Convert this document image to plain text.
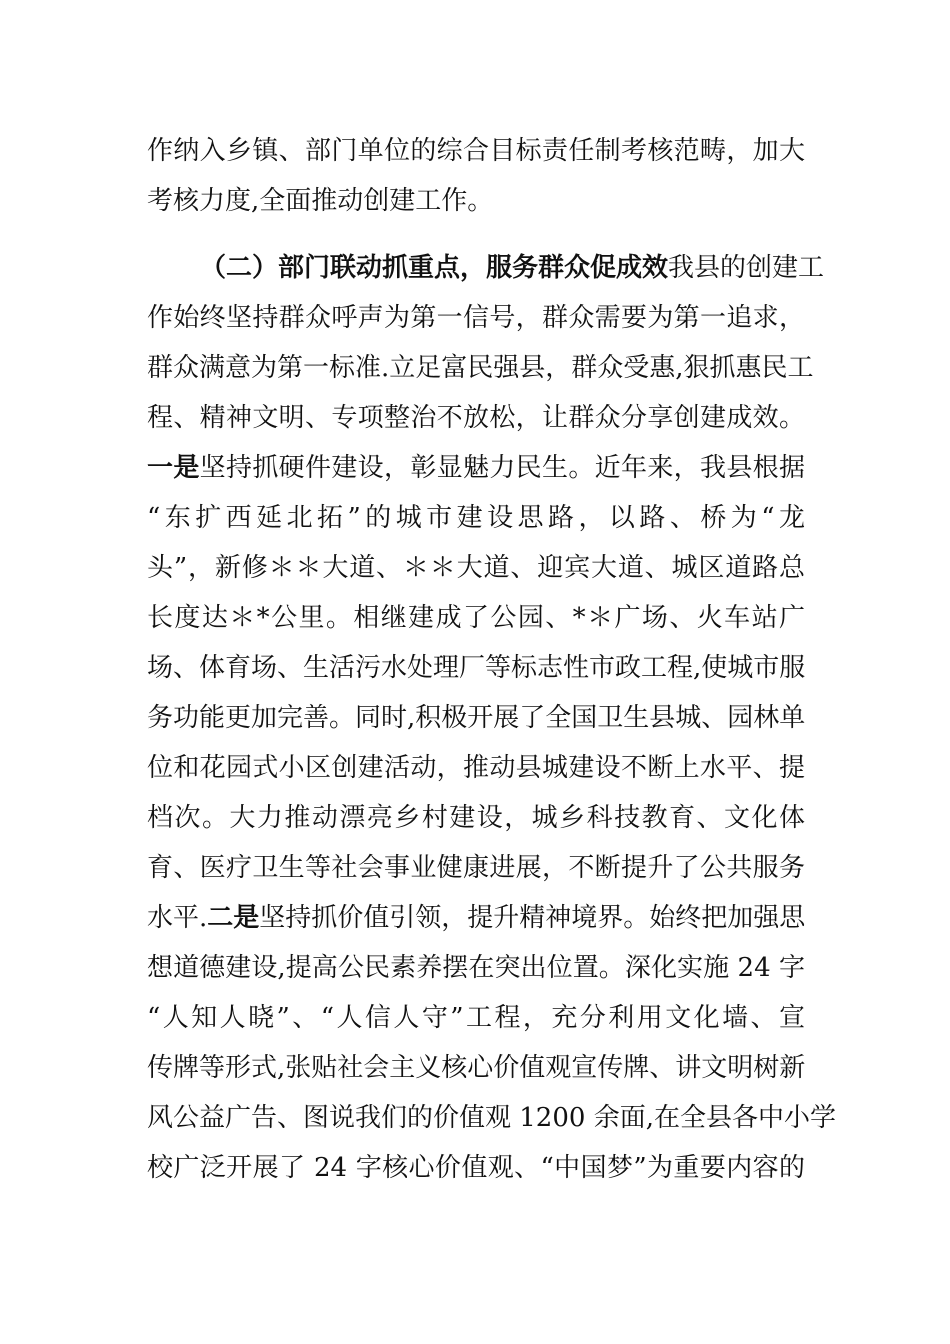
作纳入乡镇、部门单位的综合目标责任制考核范畴，加大
考核力度,全面推动创建工作。
（二）部门联动抓重点，服务群众促成效我县的创建工
作始终坚持群众呼声为第一信号，群众需要为第一追求，
群众满意为第一标准.立足富民强县，群众受惠,狠抓惠民工
程、精神文明、专项整治不放松，让群众分享创建成效。
一是坚持抓硬件建设，彰显魅力民生。近年来，我县根据
“东扩西延北拓”的城市建设思路，以路、桥为“龙
头”，新修＊＊大道、＊＊大道、迎宾大道、城区道路总
长度达＊*公里。相继建成了公园、*＊广场、火车站广
场、体育场、生活污水处理厂等标志性市政工程,使城市服
务功能更加完善。同时,积极开展了全国卫生县城、园林单
位和花园式小区创建活动，推动县城建设不断上水平、提
档次。大力推动漂亮乡村建设，城乡科技教育、文化体
育、医疗卫生等社会事业健康进展，不断提升了公共服务
水平.二是坚持抓价值引领，提升精神境界。始终把加强思
想道德建设,提高公民素养摆在突出位置。深化实施 24 字
“人知人晓”、“人信人守”工程，充分利用文化墙、宣
传牌等形式,张贴社会主义核心价值观宣传牌、讲文明树新
风公益广告、图说我们的价值观 1200 余面,在全县各中小学
校广泛开展了 24 字核心价值观、“中国梦”为重要内容的
